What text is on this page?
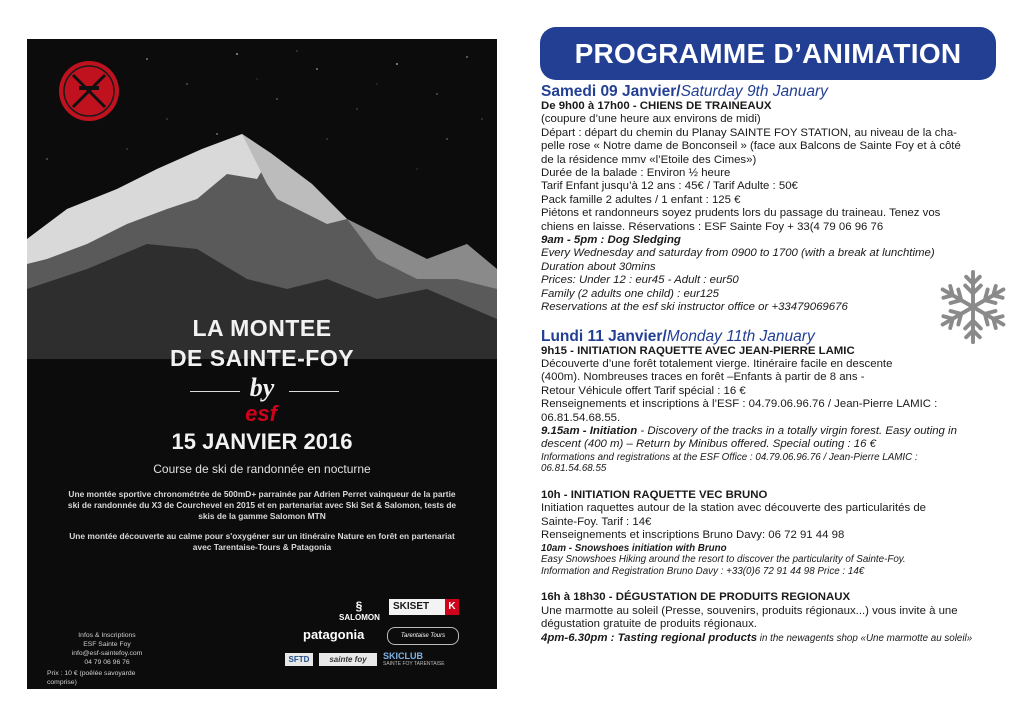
LA MONTEE
DE SAINTE-FOY
by
esf
15 JANVIER 2016
Course de ski de randonnée en nocturne
Une montée sportive chronométrée de 500mD+ parrainée par Adrien Perret vainqueur de la partie ski de randonnée du X3 de Courchevel en 2015 et en partenariat avec Ski Set & Salomon, tests de skis de la gamme Salomon MTN
Une montée découverte au calme pour s'oxygéner sur un itinéraire Nature en forêt en partenariat avec Tarentaise-Tours & Patagonia
Infos & Inscriptions
ESF Sainte Foy
info@esf-saintefoy.com
04 79 06 96 76
Prix : 10 € (poêlée savoyarde comprise)
§
SALOMON
SKISET	K
patagonia	Tarentaise Tours
SFTD	sainte foy	SKICLUB
SAINTE FOY TARENTAISE
PROGRAMME D’ANIMATION
Samedi 09 Janvier/Saturday 9th January
De 9h00 à 17h00 - CHIENS DE TRAINEAUX
(coupure d’une heure aux environs de midi)
Départ : départ du chemin du Planay SAINTE FOY STATION, au niveau de la cha-
pelle rose « Notre dame de Bonconseil » (face aux Balcons de Sainte Foy et à côté
de la résidence mmv «l’Etoile des Cimes»)
Durée de la balade : Environ ½ heure
Tarif Enfant jusqu’à 12 ans : 45€ / Tarif Adulte : 50€
Pack famille 2 adultes / 1 enfant : 125 €
Piétons et randonneurs soyez prudents lors du passage du traineau. Tenez vos
chiens en laisse. Réservations : ESF Sainte Foy + 33(4 79 06 96 76
9am - 5pm : Dog Sledging
Every Wednesday and saturday from 0900 to 1700 (with a break at lunchtime)
Duration about 30mins
Prices: Under 12 : eur45 - Adult : eur50
Family (2 adults one child) : eur125
Reservations at the esf ski instructor office or +33479069676
Lundi 11 Janvier/Monday 11th January
9h15 - INITIATION RAQUETTE AVEC JEAN-PIERRE LAMIC
Découverte d’une forêt totalement vierge. Itinéraire facile en descente
(400m). Nombreuses traces en forêt –Enfants à partir de 8 ans -
Retour Véhicule offert Tarif spécial : 16 €
Renseignements et inscriptions à l’ESF : 04.79.06.96.76 / Jean-Pierre LAMIC :
06.81.54.68.55.
9.15am - Initiation - Discovery of the tracks in a totally virgin forest. Easy outing in
descent (400 m) – Return by Minibus offered. Special outing : 16 €
Informations and registrations at the ESF Office : 04.79.06.96.76 / Jean-Pierre LAMIC :
06.81.54.68.55
10h - INITIATION RAQUETTE VEC BRUNO
Initiation raquettes autour de la station avec découverte des particularités de
Sainte-Foy. Tarif : 14€
Renseignements et inscriptions Bruno Davy: 06 72 91 44 98
10am - Snowshoes initiation with Bruno
Easy Snowshoes Hiking around the resort to discover the particularity of Sainte-Foy.
Information and Registration Bruno Davy : +33(0)6 72 91 44 98 Price : 14€
16h à 18h30 - DÉGUSTATION DE PRODUITS REGIONAUX
Une marmotte au soleil (Presse, souvenirs, produits régionaux...) vous invite à une
dégustation gratuite de produits régionaux.
4pm-6.30pm : Tasting regional products in the newagents shop «Une marmotte au soleil»
